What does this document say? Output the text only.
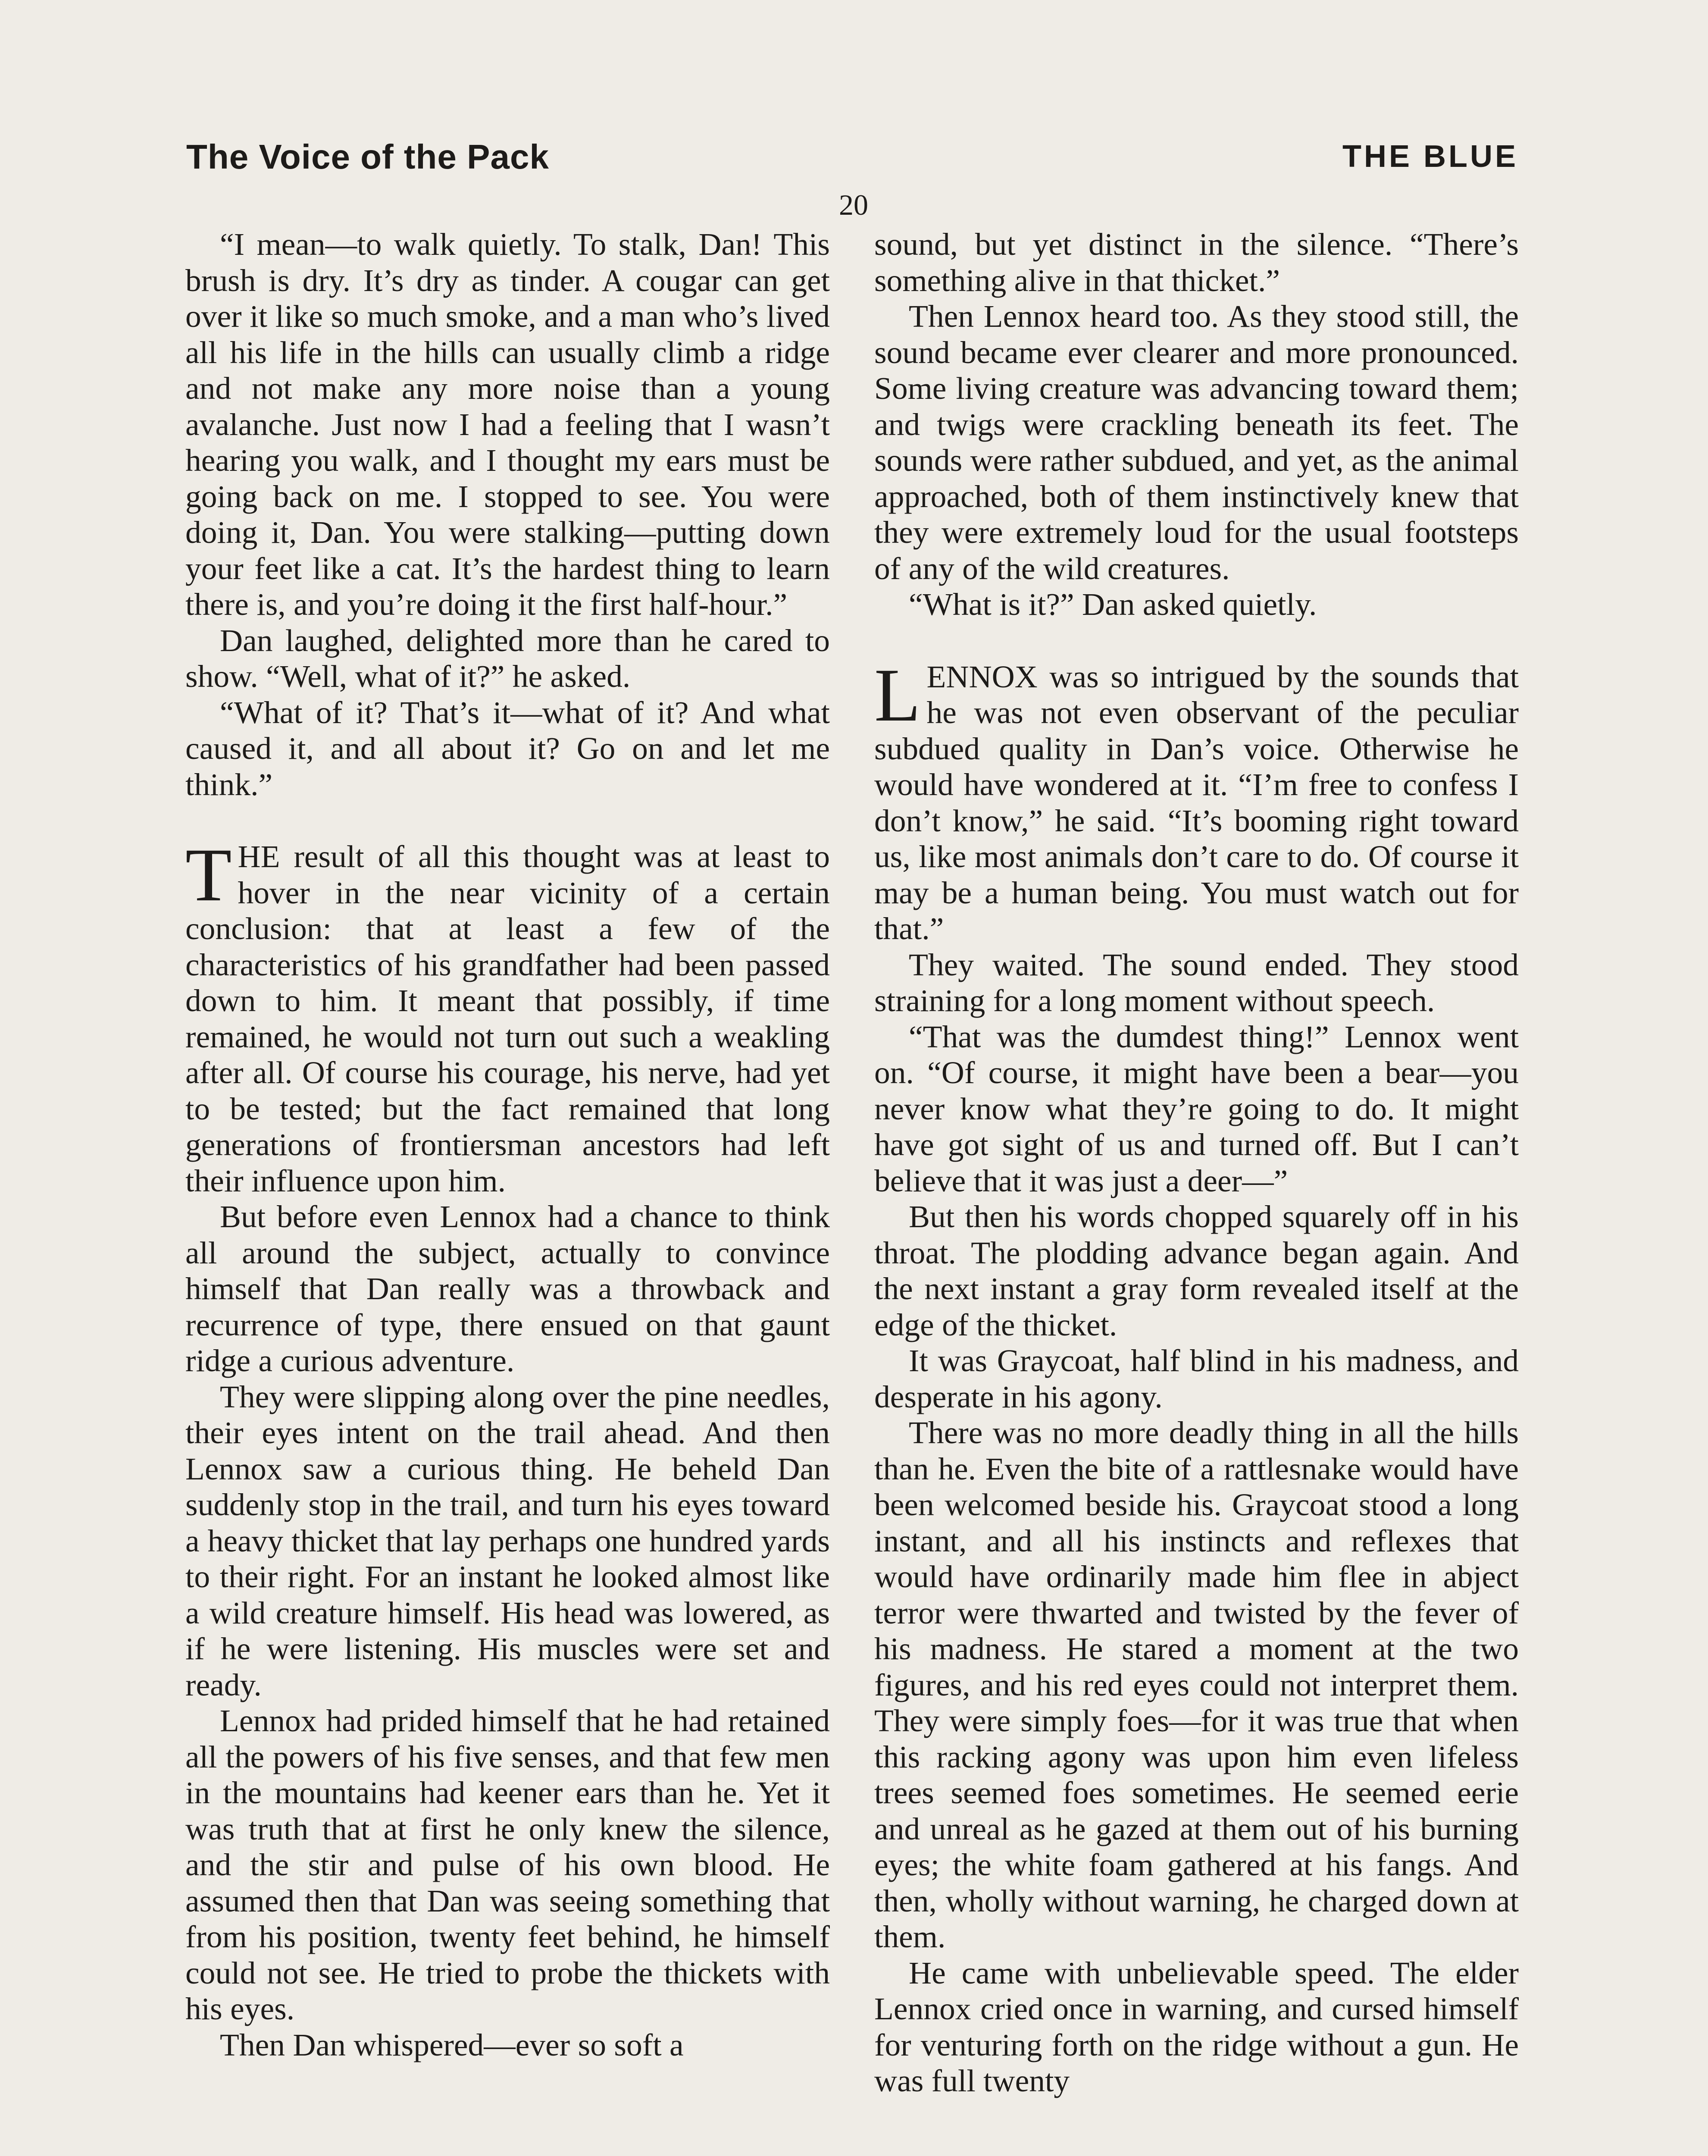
The Voice of the Pack	THE BLUE
20

“I mean—to walk quietly. To stalk, Dan! This brush is dry. It’s dry as tinder. A cougar can get over it like so much smoke, and a man who’s lived all his life in the hills can usually climb a ridge and not make any more noise than a young avalanche. Just now I had a feeling that I wasn’t hearing you walk, and I thought my ears must be going back on me. I stopped to see. You were doing it, Dan. You were stalking—putting down your feet like a cat. It’s the hardest thing to learn there is, and you’re doing it the first half-hour.”

Dan laughed, delighted more than he cared to show. “Well, what of it?” he asked.

“What of it? That’s it—what of it? And what caused it, and all about it? Go on and let me think.”

THE result of all this thought was at least to hover in the near vicinity of a certain conclusion: that at least a few of the characteristics of his grandfather had been passed down to him. It meant that possibly, if time remained, he would not turn out such a weakling after all. Of course his courage, his nerve, had yet to be tested; but the fact remained that long generations of frontiersman ancestors had left their influence upon him.

But before even Lennox had a chance to think all around the subject, actually to convince himself that Dan really was a throwback and recurrence of type, there ensued on that gaunt ridge a curious adventure.

They were slipping along over the pine needles, their eyes intent on the trail ahead. And then Lennox saw a curious thing. He beheld Dan suddenly stop in the trail, and turn his eyes toward a heavy thicket that lay perhaps one hundred yards to their right. For an instant he looked almost like a wild creature himself. His head was lowered, as if he were listening. His muscles were set and ready.

Lennox had prided himself that he had retained all the powers of his five senses, and that few men in the mountains had keener ears than he. Yet it was truth that at first he only knew the silence, and the stir and pulse of his own blood. He assumed then that Dan was seeing something that from his position, twenty feet behind, he himself could not see. He tried to probe the thickets with his eyes.

Then Dan whispered—ever so soft a

sound, but yet distinct in the silence. “There’s something alive in that thicket.”

Then Lennox heard too. As they stood still, the sound became ever clearer and more pronounced. Some living creature was advancing toward them; and twigs were crackling beneath its feet. The sounds were rather subdued, and yet, as the animal approached, both of them instinctively knew that they were extremely loud for the usual footsteps of any of the wild creatures.

“What is it?” Dan asked quietly.

LENNOX was so intrigued by the sounds that he was not even observant of the peculiar subdued quality in Dan’s voice. Otherwise he would have wondered at it. “I’m free to confess I don’t know,” he said. “It’s booming right toward us, like most animals don’t care to do. Of course it may be a human being. You must watch out for that.”

They waited. The sound ended. They stood straining for a long moment without speech.

“That was the dumdest thing!” Lennox went on. “Of course, it might have been a bear—you never know what they’re going to do. It might have got sight of us and turned off. But I can’t believe that it was just a deer—”

But then his words chopped squarely off in his throat. The plodding advance began again. And the next instant a gray form revealed itself at the edge of the thicket.

It was Graycoat, half blind in his madness, and desperate in his agony.

There was no more deadly thing in all the hills than he. Even the bite of a rattlesnake would have been welcomed beside his. Graycoat stood a long instant, and all his instincts and reflexes that would have ordinarily made him flee in abject terror were thwarted and twisted by the fever of his madness. He stared a moment at the two figures, and his red eyes could not interpret them. They were simply foes—for it was true that when this racking agony was upon him even lifeless trees seemed foes sometimes. He seemed eerie and unreal as he gazed at them out of his burning eyes; the white foam gathered at his fangs. And then, wholly without warning, he charged down at them.

He came with unbelievable speed. The elder Lennox cried once in warning, and cursed himself for venturing forth on the ridge without a gun. He was full twenty
